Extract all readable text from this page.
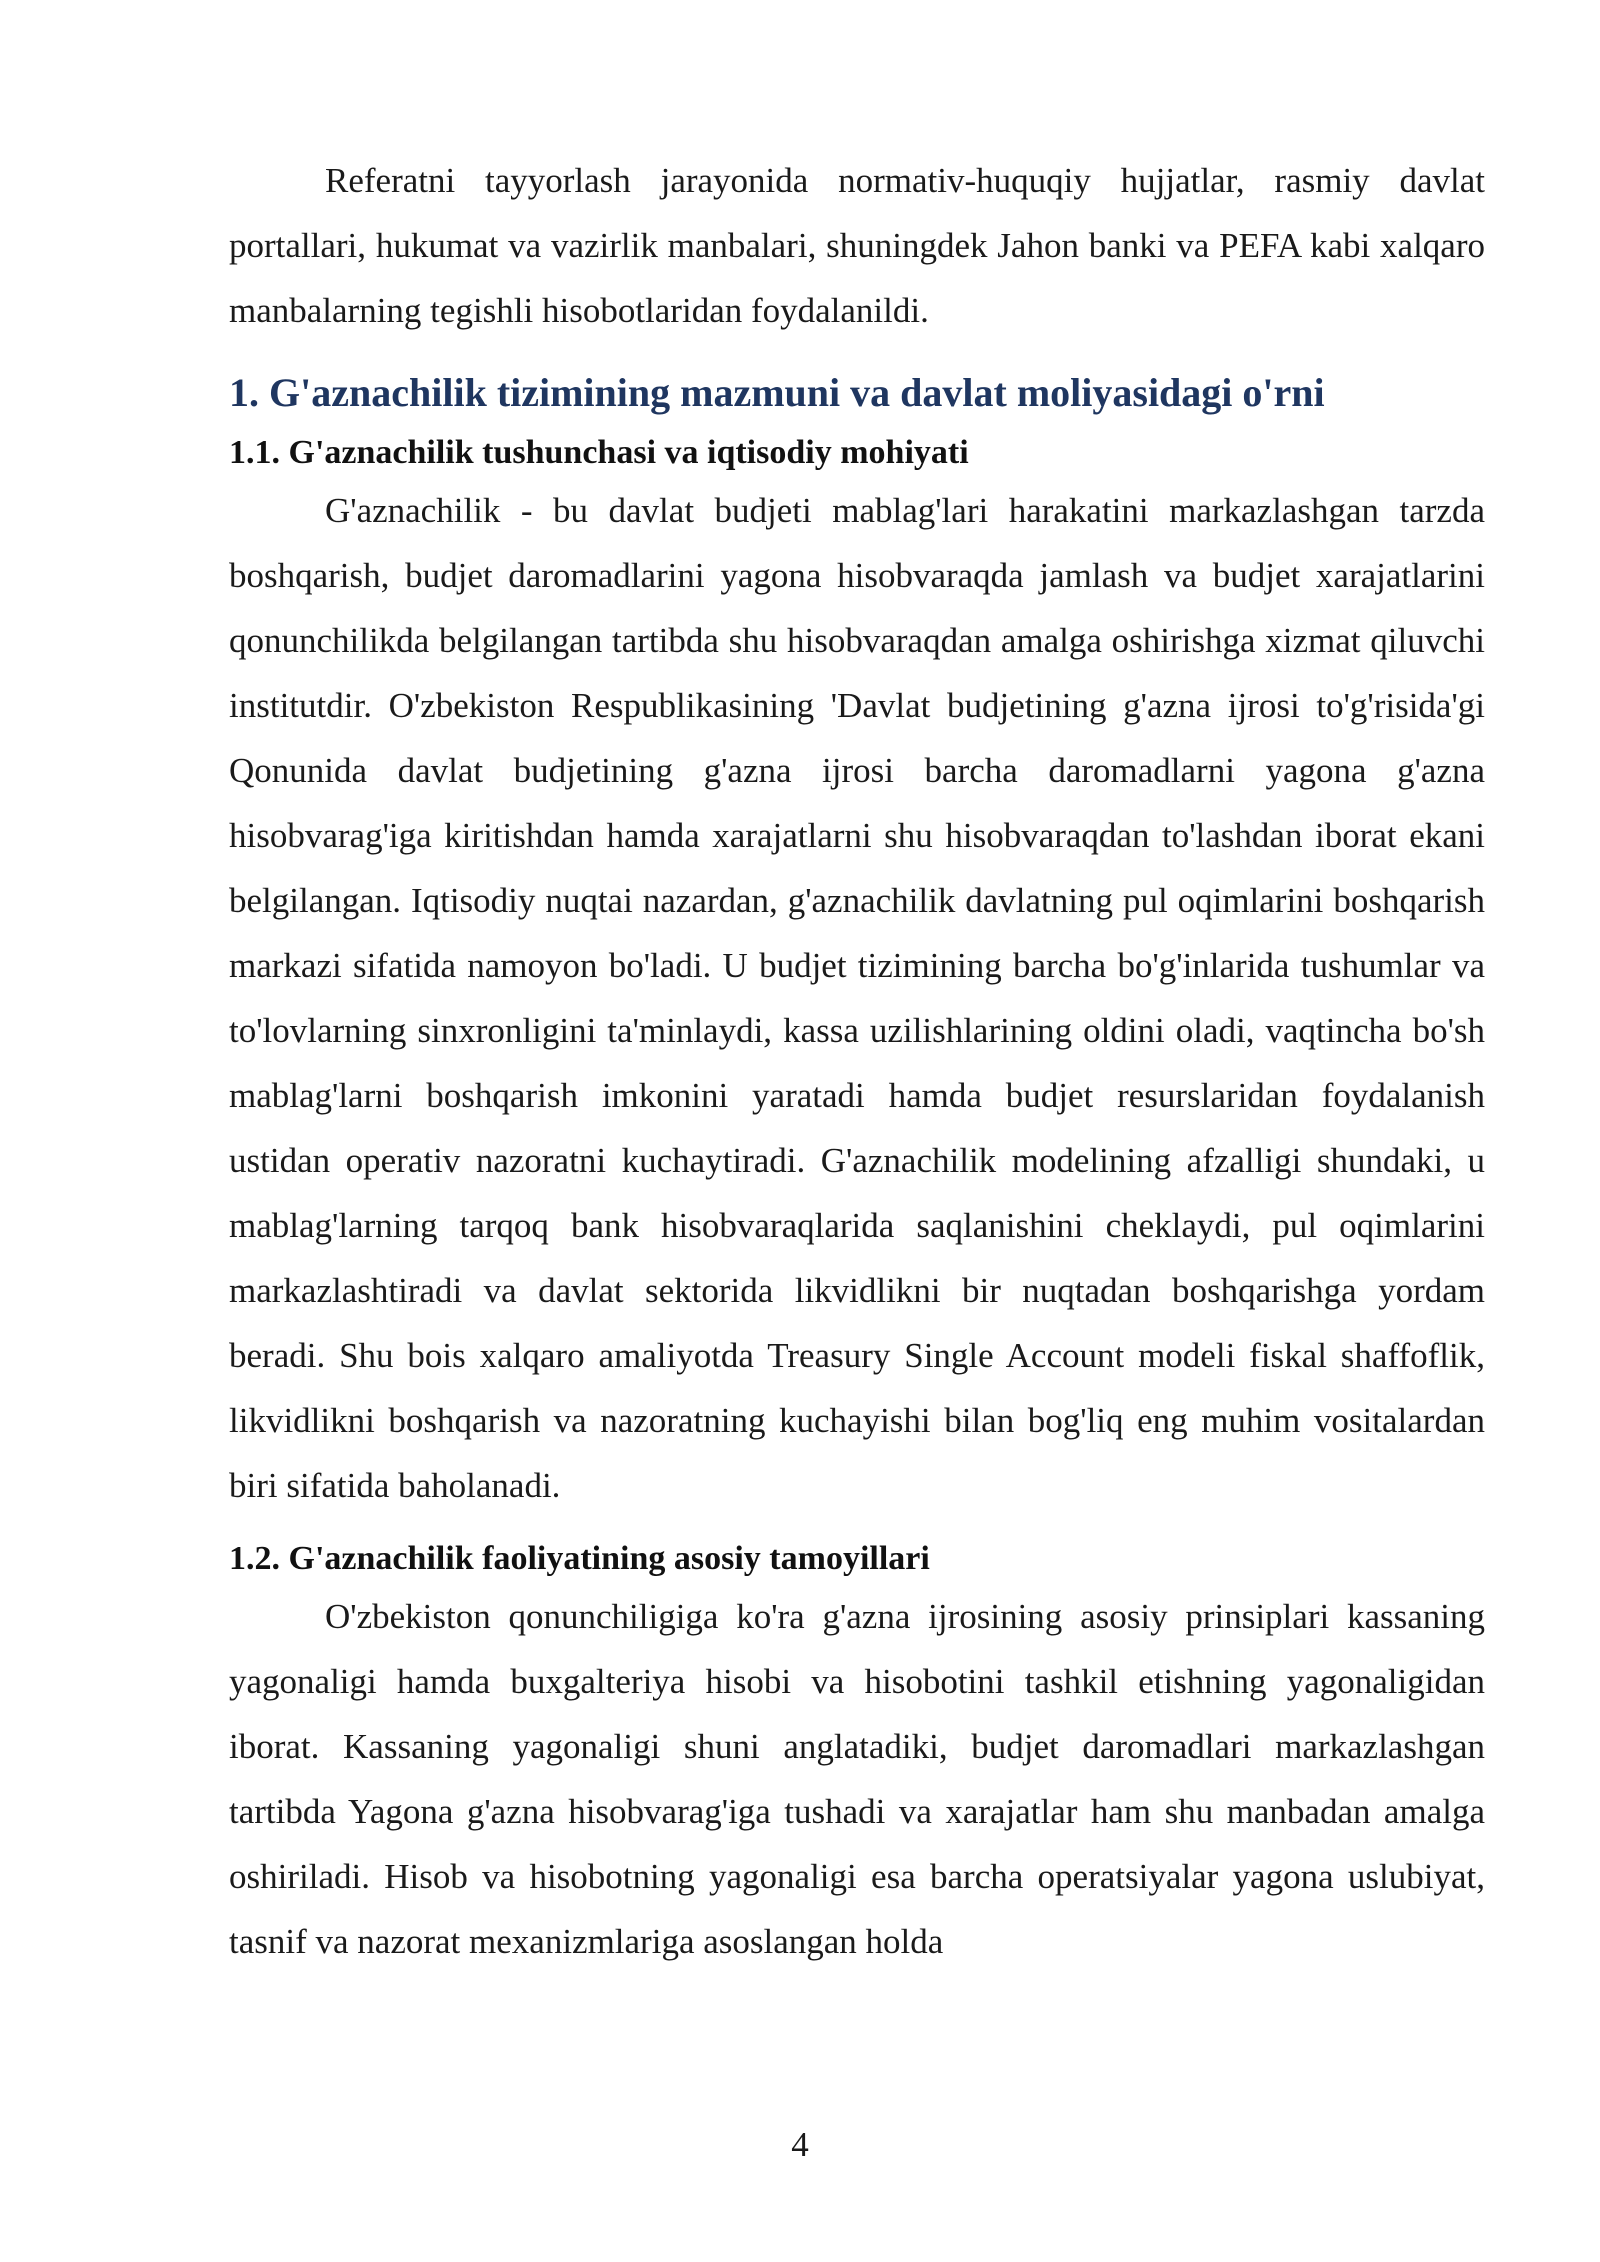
Referatni tayyorlash jarayonida normativ-huquqiy hujjatlar, rasmiy davlat portallari, hukumat va vazirlik manbalari, shuningdek Jahon banki va PEFA kabi xalqaro manbalarning tegishli hisobotlaridan foydalanildi.

1. G'aznachilik tizimining mazmuni va davlat moliyasidagi o'rni
1.1. G'aznachilik tushunchasi va iqtisodiy mohiyati

G'aznachilik - bu davlat budjeti mablag'lari harakatini markazlashgan tarzda boshqarish, budjet daromadlarini yagona hisobvaraqda jamlash va budjet xarajatlarini qonunchilikda belgilangan tartibda shu hisobvaraqdan amalga oshirishga xizmat qiluvchi institutdir. O'zbekiston Respublikasining 'Davlat budjetining g'azna ijrosi to'g'risida'gi Qonunida davlat budjetining g'azna ijrosi barcha daromadlarni yagona g'azna hisobvarag'iga kiritishdan hamda xarajatlarni shu hisobvaraqdan to'lashdan iborat ekani belgilangan. Iqtisodiy nuqtai nazardan, g'aznachilik davlatning pul oqimlarini boshqarish markazi sifatida namoyon bo'ladi. U budjet tizimining barcha bo'g'inlarida tushumlar va to'lovlarning sinxronligini ta'minlaydi, kassa uzilishlarining oldini oladi, vaqtincha bo'sh mablag'larni boshqarish imkonini yaratadi hamda budjet resurslaridan foydalanish ustidan operativ nazoratni kuchaytiradi. G'aznachilik modelining afzalligi shundaki, u mablag'larning tarqoq bank hisobvaraqlarida saqlanishini cheklaydi, pul oqimlarini markazlashtiradi va davlat sektorida likvidlikni bir nuqtadan boshqarishga yordam beradi. Shu bois xalqaro amaliyotda Treasury Single Account modeli fiskal shaffoflik, likvidlikni boshqarish va nazoratning kuchayishi bilan bog'liq eng muhim vositalardan biri sifatida baholanadi.

1.2. G'aznachilik faoliyatining asosiy tamoyillari

O'zbekiston qonunchiligiga ko'ra g'azna ijrosining asosiy prinsiplari kassaning yagonaligi hamda buxgalteriya hisobi va hisobotini tashkil etishning yagonaligidan iborat. Kassaning yagonaligi shuni anglatadiki, budjet daromadlari markazlashgan tartibda Yagona g'azna hisobvarag'iga tushadi va xarajatlar ham shu manbadan amalga oshiriladi. Hisob va hisobotning yagonaligi esa barcha operatsiyalar yagona uslubiyat, tasnif va nazorat mexanizmlariga asoslangan holda

4
